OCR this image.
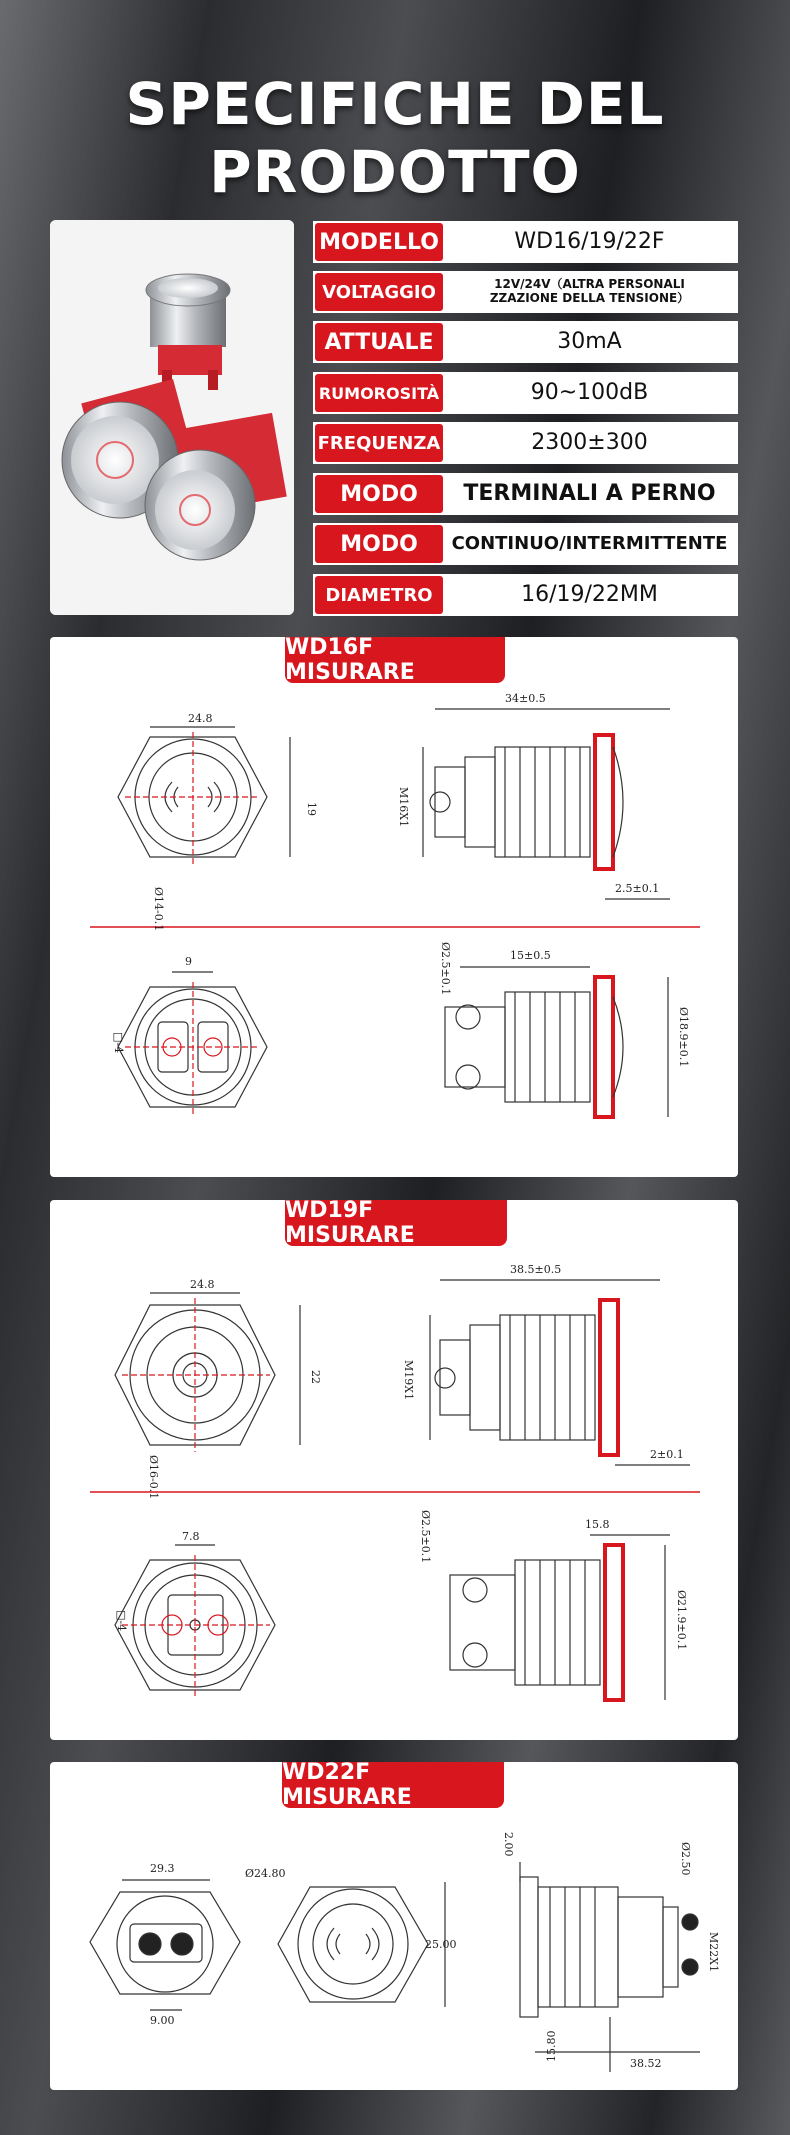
SPECIFICHE DEL PRODOTTO
MODELLO	WD16/19/22F
VOLTAGGIO	12V/24V（ALTRA PERSONALI
ZZAZIONE DELLA TENSIONE）
ATTUALE	30mA
RUMOROSITÀ	90~100dB
FREQUENZA	2300±300
MODO	TERMINALI A PERNO
MODO	CONTINUO/INTERMITTENTE
DIAMETRO	16/19/22MM
WD16F MISURARE
24.8
19
Ø14-0.1
34±0.5
M16X1
2.5±0.1
9
□-4
Ø2.5±0.1	15±0.5
Ø18.9±0.1
WD19F MISURARE
24.8
22
Ø16-0.1
38.5±0.5
M19X1
2±0.1
7.8
□-4
Ø2.5±0.1	15.8
Ø21.9±0.1
WD22F MISURARE
29.3
9.00
Ø24.80
25.00
2.00	Ø2.50
M22X1
15.80
38.52
